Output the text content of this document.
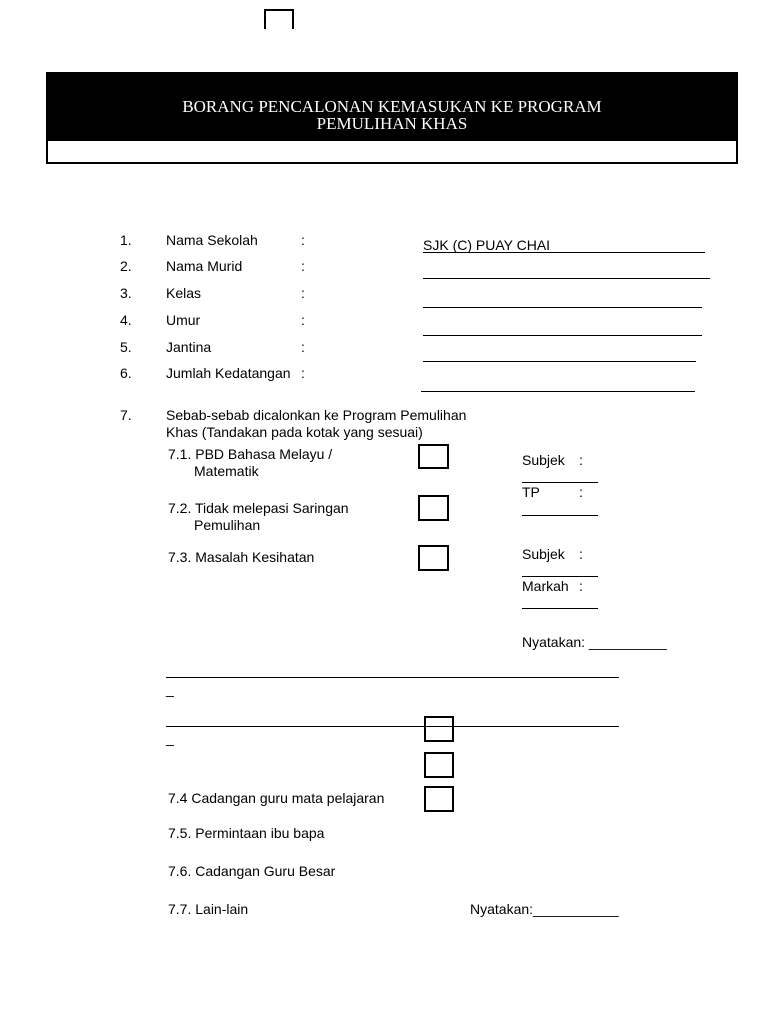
BORANG PENCALONAN KEMASUKAN KE PROGRAM
PEMULIHAN KHAS
1. Nama Sekolah	:	SJK (C) PUAY CHAI
2. Nama Murid	:
3. Kelas	:
4. Umur	:
5. Jantina	:
6. Jumlah Kedatangan :
7. Sebab-sebab dicalonkan ke Program Pemulihan
Khas (Tandakan pada kotak yang sesuai)
7.1. PBD Bahasa Melayu /
Matematik
Subjek :
TP	:
7.2. Tidak melepasi Saringan
Pemulihan
7.3. Masalah Kesihatan	Subjek :
Markah :
Nyatakan: __________
_
_
7.4 Cadangan guru mata pelajaran
7.5. Permintaan ibu bapa
7.6. Cadangan Guru Besar
7.7. Lain-lain	Nyatakan:___________
